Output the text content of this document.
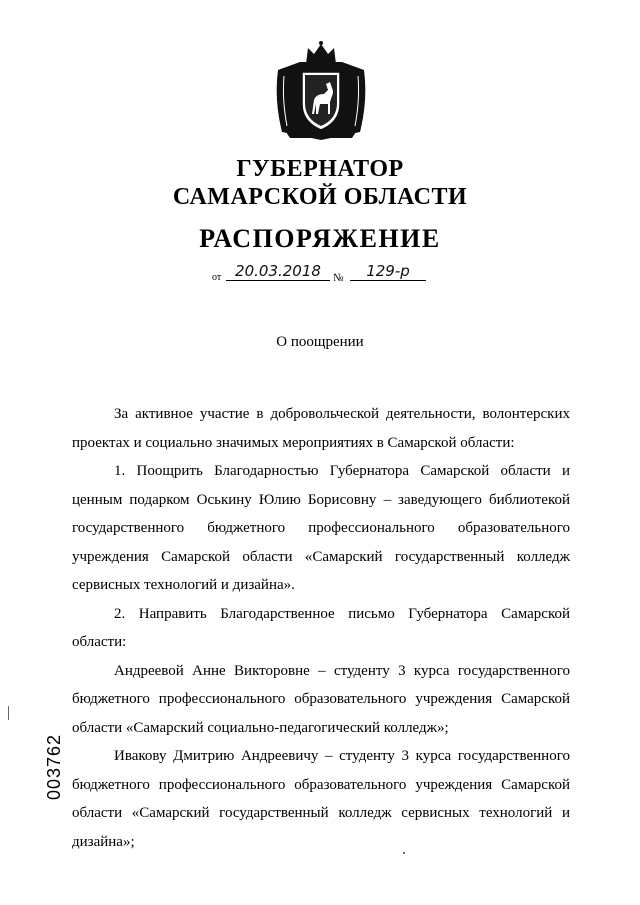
ГУБЕРНАТОР
САМАРСКОЙ ОБЛАСТИ
РАСПОРЯЖЕНИЕ
от 20.03.2018	№	129-р
О поощрении

За активное участие в добровольческой деятельности, волонтерских проектах и социально значимых мероприятиях в Самарской области:

1. Поощрить Благодарностью Губернатора Самарской области и ценным подарком Оськину Юлию Борисовну – заведующего библиотекой государственного бюджетного профессионального образовательного учреждения Самарской области «Самарский государственный колледж сервисных технологий и дизайна».

2. Направить Благодарственное письмо Губернатора Самарской области:

Андреевой Анне Викторовне – студенту 3 курса государственного бюджетного профессионального образовательного учреждения Самарской области «Самарский социально-педагогический колледж»;

Ивакову Дмитрию Андреевичу – студенту 3 курса государственного бюджетного профессионального образовательного учреждения Самарской области «Самарский государственный колледж сервисных технологий и дизайна»;

003762
